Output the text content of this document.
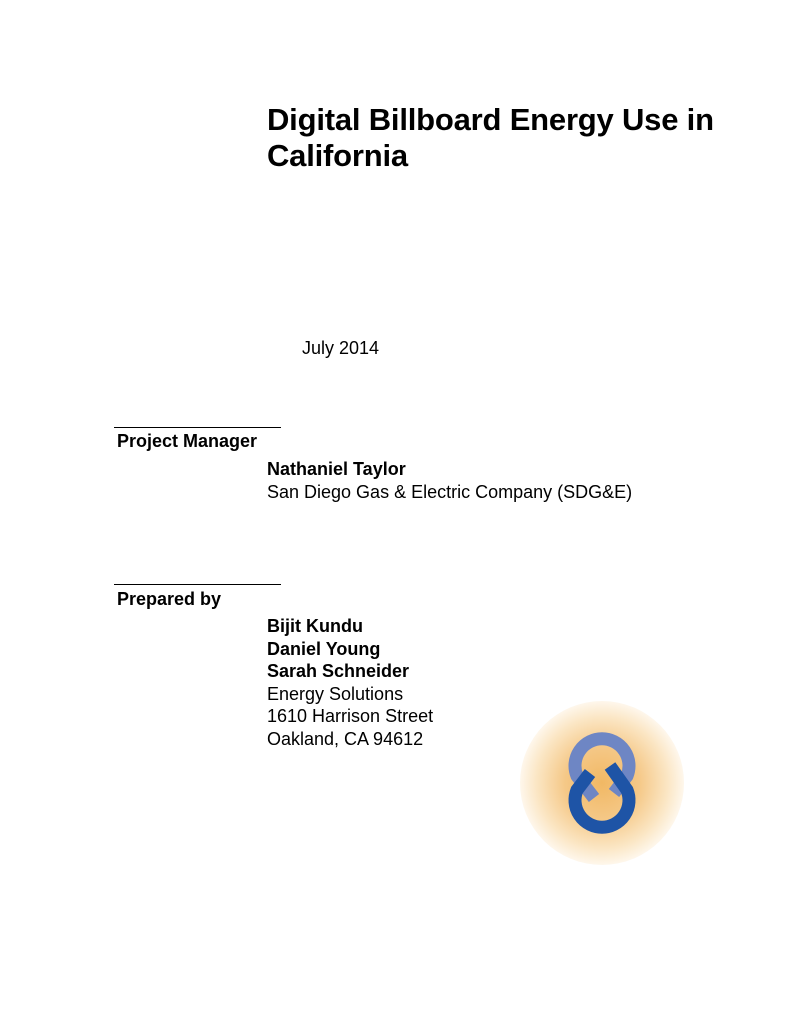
Digital Billboard Energy Use in California
July 2014
Project Manager
Nathaniel Taylor
San Diego Gas & Electric Company (SDG&E)
Prepared by
Bijit Kundu
Daniel Young
Sarah Schneider
Energy Solutions
1610 Harrison Street
Oakland, CA 94612
